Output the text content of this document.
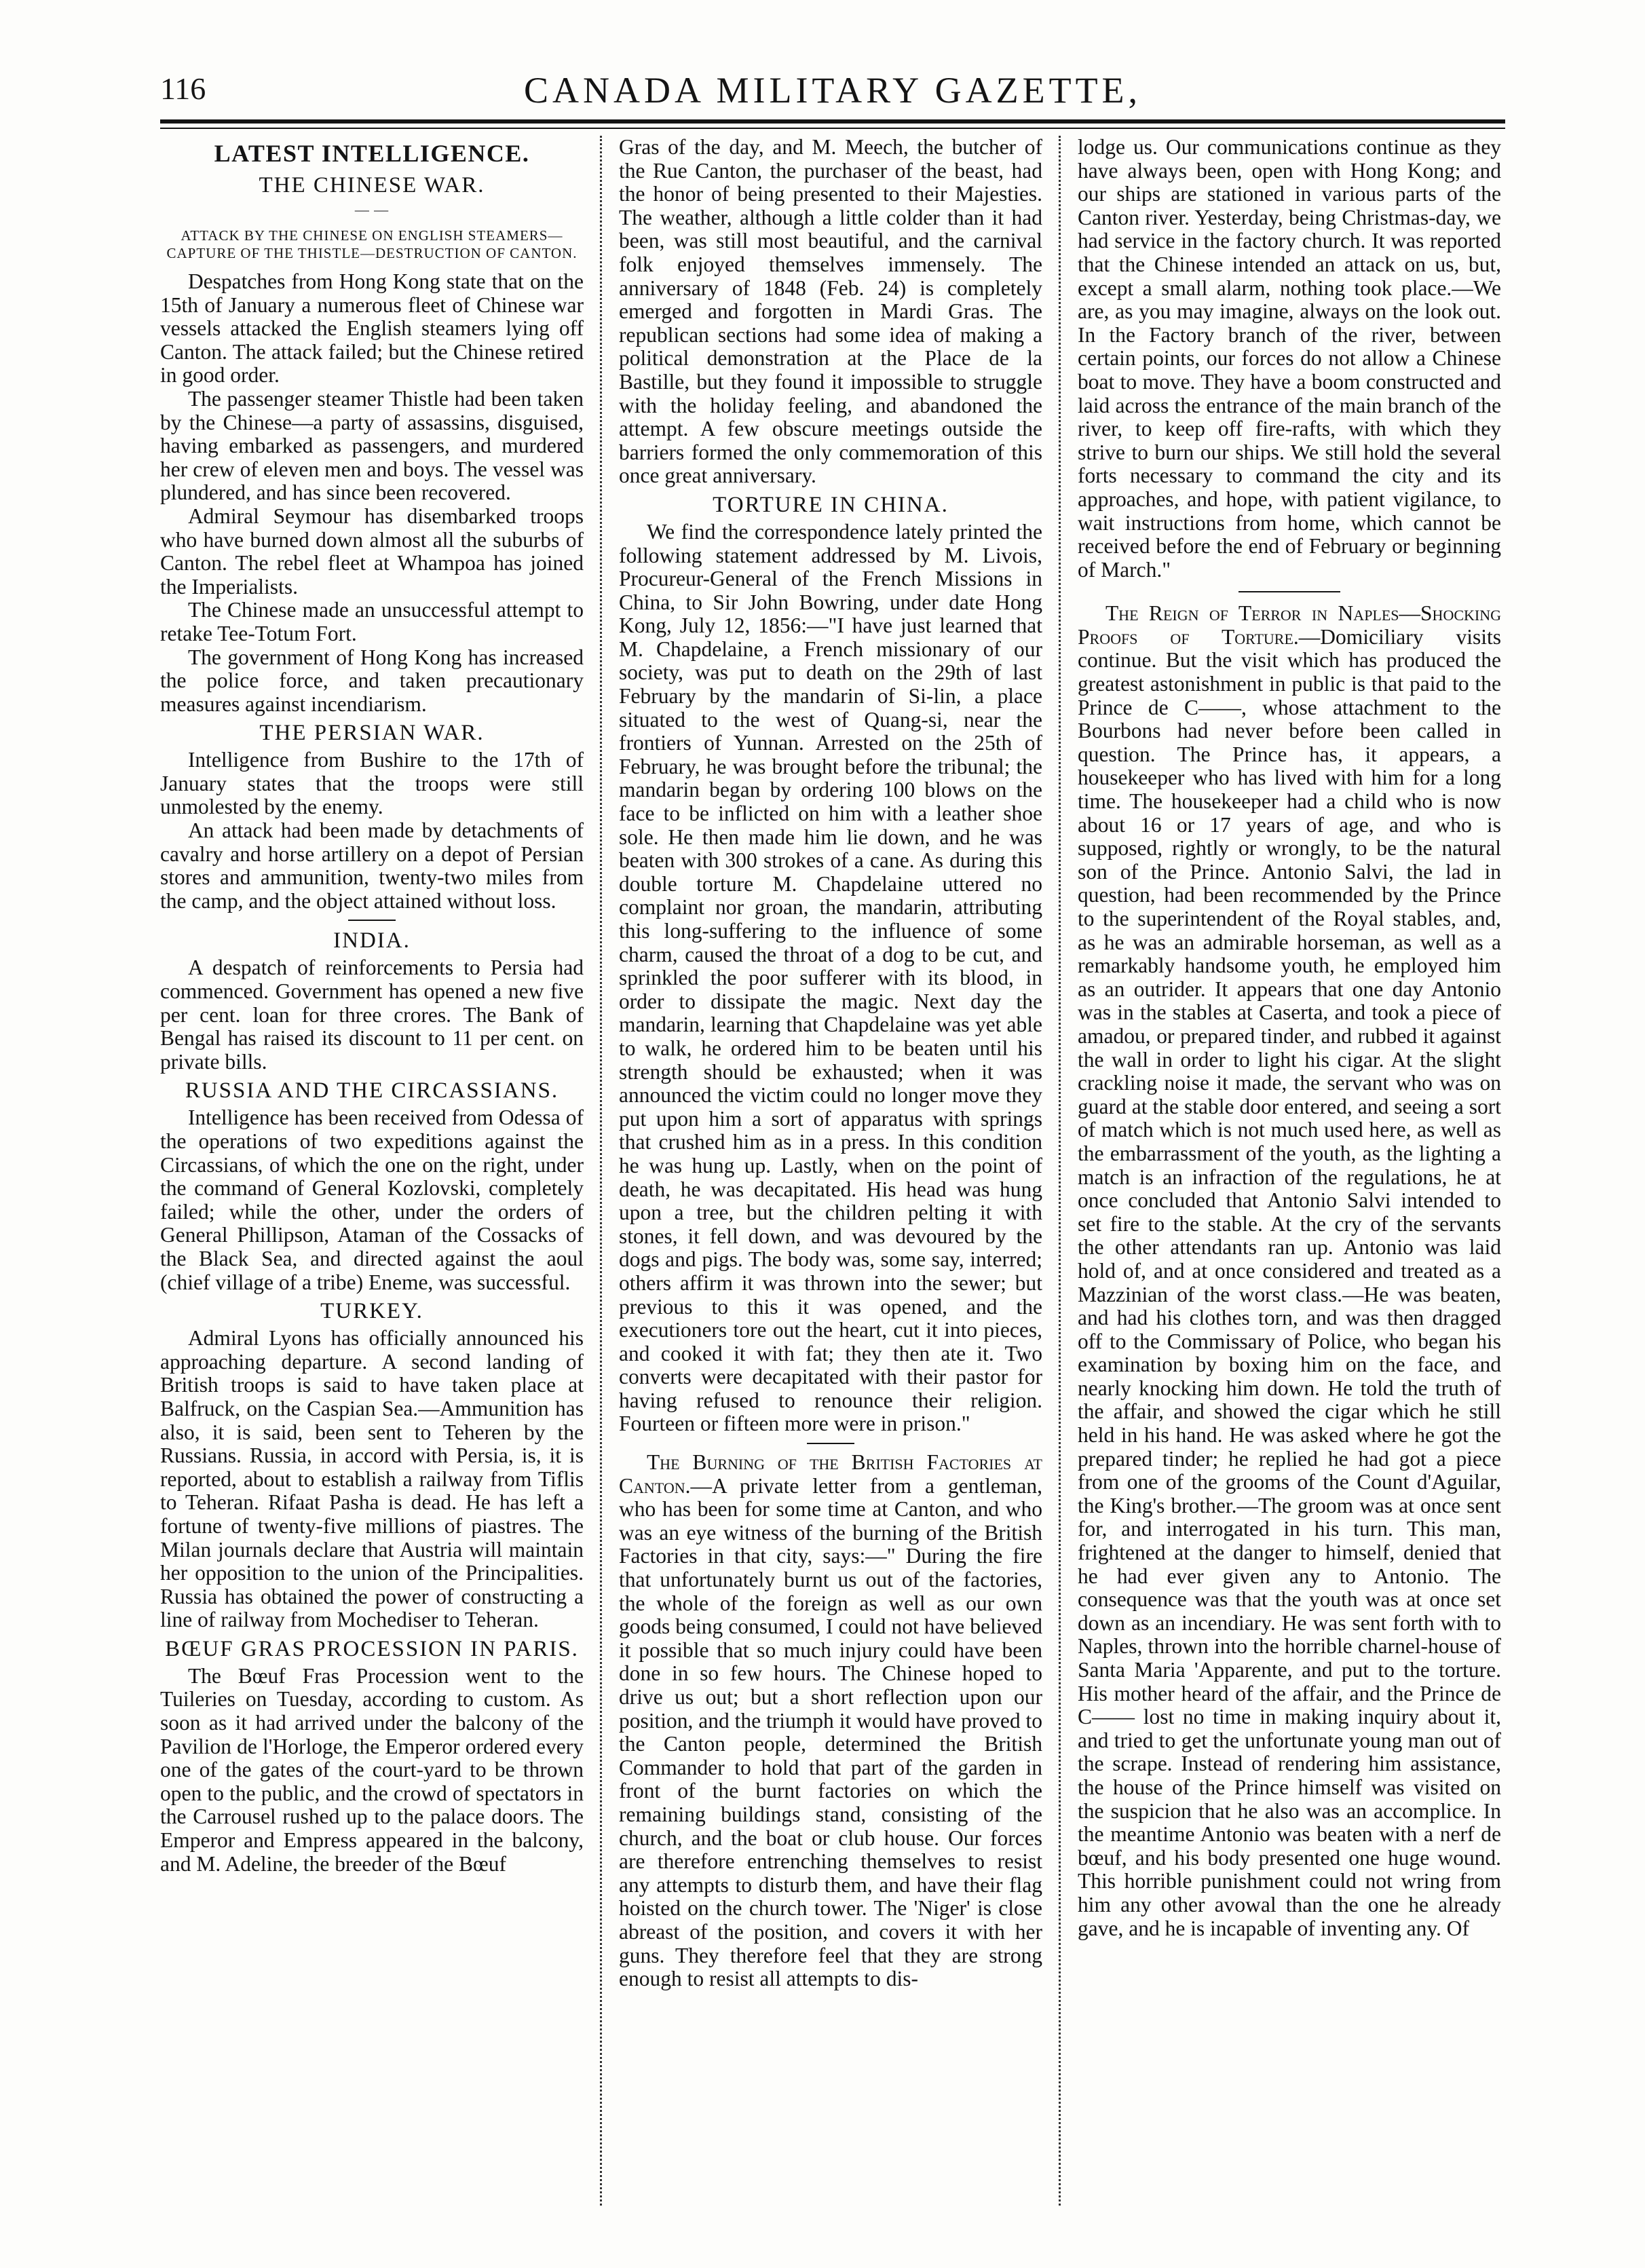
116	CANADA MILITARY GAZETTE,
LATEST INTELLIGENCE.
THE CHINESE WAR.
— —
ATTACK BY THE CHINESE ON ENGLISH STEAMERS—CAPTURE OF THE THISTLE—DESTRUCTION OF CANTON.

Despatches from Hong Kong state that on the 15th of January a numerous fleet of Chinese war vessels attacked the English steamers lying off Canton. The attack failed; but the Chinese retired in good order.

The passenger steamer Thistle had been taken by the Chinese—a party of assassins, disguised, having embarked as passengers, and murdered her crew of eleven men and boys. The vessel was plundered, and has since been recovered.

Admiral Seymour has disembarked troops who have burned down almost all the suburbs of Canton. The rebel fleet at Whampoa has joined the Imperialists.

The Chinese made an unsuccessful attempt to retake Tee-Totum Fort.

The government of Hong Kong has increased the police force, and taken precautionary measures against incendiarism.

THE PERSIAN WAR.

Intelligence from Bushire to the 17th of January states that the troops were still unmolested by the enemy.

An attack had been made by detachments of cavalry and horse artillery on a depot of Persian stores and ammunition, twenty-two miles from the camp, and the object attained without loss.

INDIA.

A despatch of reinforcements to Persia had commenced. Government has opened a new five per cent. loan for three crores. The Bank of Bengal has raised its discount to 11 per cent. on private bills.

RUSSIA AND THE CIRCASSIANS.

Intelligence has been received from Odessa of the operations of two expeditions against the Circassians, of which the one on the right, under the command of General Kozlovski, completely failed; while the other, under the orders of General Phillipson, Ataman of the Cossacks of the Black Sea, and directed against the aoul (chief village of a tribe) Eneme, was successful.

TURKEY.

Admiral Lyons has officially announced his approaching departure. A second landing of British troops is said to have taken place at Balfruck, on the Caspian Sea.—Ammunition has also, it is said, been sent to Teheren by the Russians. Russia, in accord with Persia, is, it is reported, about to establish a railway from Tiflis to Teheran. Rifaat Pasha is dead. He has left a fortune of twenty-five millions of piastres. The Milan journals declare that Austria will maintain her opposition to the union of the Principalities. Russia has obtained the power of constructing a line of railway from Mochediser to Teheran.

BŒUF GRAS PROCESSION IN PARIS.

The Bœuf Fras Procession went to the Tuileries on Tuesday, according to custom. As soon as it had arrived under the balcony of the Pavilion de l'Horloge, the Emperor ordered every one of the gates of the court-yard to be thrown open to the public, and the crowd of spectators in the Carrousel rushed up to the palace doors. The Emperor and Empress appeared in the balcony, and M. Adeline, the breeder of the Bœuf

Gras of the day, and M. Meech, the butcher of the Rue Canton, the purchaser of the beast, had the honor of being presented to their Majesties. The weather, although a little colder than it had been, was still most beautiful, and the carnival folk enjoyed themselves immensely. The anniversary of 1848 (Feb. 24) is completely emerged and forgotten in Mardi Gras. The republican sections had some idea of making a political demonstration at the Place de la Bastille, but they found it impossible to struggle with the holiday feeling, and abandoned the attempt. A few obscure meetings outside the barriers formed the only commemoration of this once great anniversary.

TORTURE IN CHINA.

We find the correspondence lately printed the following statement addressed by M. Livois, Procureur-General of the French Missions in China, to Sir John Bowring, under date Hong Kong, July 12, 1856:—"I have just learned that M. Chapdelaine, a French missionary of our society, was put to death on the 29th of last February by the mandarin of Si-lin, a place situated to the west of Quang-si, near the frontiers of Yunnan. Arrested on the 25th of February, he was brought before the tribunal; the mandarin began by ordering 100 blows on the face to be inflicted on him with a leather shoe sole. He then made him lie down, and he was beaten with 300 strokes of a cane. As during this double torture M. Chapdelaine uttered no complaint nor groan, the mandarin, attributing this long-suffering to the influence of some charm, caused the throat of a dog to be cut, and sprinkled the poor sufferer with its blood, in order to dissipate the magic. Next day the mandarin, learning that Chapdelaine was yet able to walk, he ordered him to be beaten until his strength should be exhausted; when it was announced the victim could no longer move they put upon him a sort of apparatus with springs that crushed him as in a press. In this condition he was hung up. Lastly, when on the point of death, he was decapitated. His head was hung upon a tree, but the children pelting it with stones, it fell down, and was devoured by the dogs and pigs. The body was, some say, interred; others affirm it was thrown into the sewer; but previous to this it was opened, and the executioners tore out the heart, cut it into pieces, and cooked it with fat; they then ate it. Two converts were decapitated with their pastor for having refused to renounce their religion. Fourteen or fifteen more were in prison."

The Burning of the British Factories at Canton.—A private letter from a gentleman, who has been for some time at Canton, and who was an eye witness of the burning of the British Factories in that city, says:—" During the fire that unfortunately burnt us out of the factories, the whole of the foreign as well as our own goods being consumed, I could not have believed it possible that so much injury could have been done in so few hours. The Chinese hoped to drive us out; but a short reflection upon our position, and the triumph it would have proved to the Canton people, determined the British Commander to hold that part of the garden in front of the burnt factories on which the remaining buildings stand, consisting of the church, and the boat or club house. Our forces are therefore entrenching themselves to resist any attempts to disturb them, and have their flag hoisted on the church tower. The 'Niger' is close abreast of the position, and covers it with her guns. They therefore feel that they are strong enough to resist all attempts to dis-

lodge us. Our communications continue as they have always been, open with Hong Kong; and our ships are stationed in various parts of the Canton river. Yesterday, being Christmas-day, we had service in the factory church. It was reported that the Chinese intended an attack on us, but, except a small alarm, nothing took place.—We are, as you may imagine, always on the look out. In the Factory branch of the river, between certain points, our forces do not allow a Chinese boat to move. They have a boom constructed and laid across the entrance of the main branch of the river, to keep off fire-rafts, with which they strive to burn our ships. We still hold the several forts necessary to command the city and its approaches, and hope, with patient vigilance, to wait instructions from home, which cannot be received before the end of February or beginning of March."

The Reign of Terror in Naples—Shocking Proofs of Torture.—Domiciliary visits continue. But the visit which has produced the greatest astonishment in public is that paid to the Prince de C——, whose attachment to the Bourbons had never before been called in question. The Prince has, it appears, a housekeeper who has lived with him for a long time. The housekeeper had a child who is now about 16 or 17 years of age, and who is supposed, rightly or wrongly, to be the natural son of the Prince. Antonio Salvi, the lad in question, had been recommended by the Prince to the superintendent of the Royal stables, and, as he was an admirable horseman, as well as a remarkably handsome youth, he employed him as an outrider. It appears that one day Antonio was in the stables at Caserta, and took a piece of amadou, or prepared tinder, and rubbed it against the wall in order to light his cigar. At the slight crackling noise it made, the servant who was on guard at the stable door entered, and seeing a sort of match which is not much used here, as well as the embarrassment of the youth, as the lighting a match is an infraction of the regulations, he at once concluded that Antonio Salvi intended to set fire to the stable. At the cry of the servants the other attendants ran up. Antonio was laid hold of, and at once considered and treated as a Mazzinian of the worst class.—He was beaten, and had his clothes torn, and was then dragged off to the Commissary of Police, who began his examination by boxing him on the face, and nearly knocking him down. He told the truth of the affair, and showed the cigar which he still held in his hand. He was asked where he got the prepared tinder; he replied he had got a piece from one of the grooms of the Count d'Aguilar, the King's brother.—The groom was at once sent for, and interrogated in his turn. This man, frightened at the danger to himself, denied that he had ever given any to Antonio. The consequence was that the youth was at once set down as an incendiary. He was sent forth with to Naples, thrown into the horrible charnel-house of Santa Maria 'Apparente, and put to the torture. His mother heard of the affair, and the Prince de C—— lost no time in making inquiry about it, and tried to get the unfortunate young man out of the scrape. Instead of rendering him assistance, the house of the Prince himself was visited on the suspicion that he also was an accomplice. In the meantime Antonio was beaten with a nerf de bœuf, and his body presented one huge wound. This horrible punishment could not wring from him any other avowal than the one he already gave, and he is incapable of inventing any. Of
